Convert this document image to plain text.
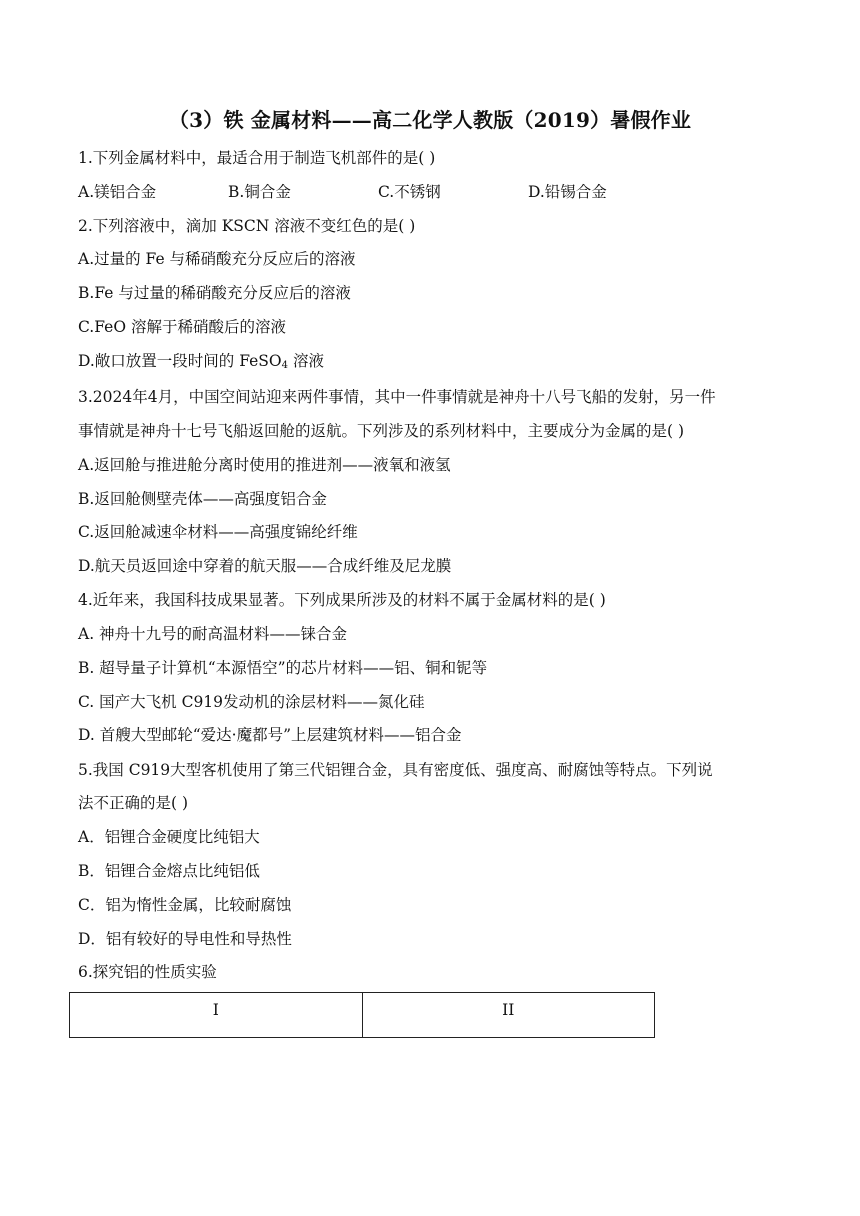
（3）铁 金属材料——高二化学人教版（2019）暑假作业
1.下列金属材料中，最适合用于制造飞机部件的是( )
A.镁铝合金	B.铜合金	C.不锈钢	D.铅锡合金
2.下列溶液中，滴加 KSCN 溶液不变红色的是( )
A.过量的 Fe 与稀硝酸充分反应后的溶液
B.Fe 与过量的稀硝酸充分反应后的溶液
C.FeO 溶解于稀硝酸后的溶液
D.敞口放置一段时间的 FeSO$_4$ 溶液
3.2024年4月，中国空间站迎来两件事情，其中一件事情就是神舟十八号飞船的发射，另一件
事情就是神舟十七号飞船返回舱的返航。下列涉及的系列材料中，主要成分为金属的是( )
A.返回舱与推进舱分离时使用的推进剂——液氧和液氢
B.返回舱侧壁壳体——高强度铝合金
C.返回舱减速伞材料——高强度锦纶纤维
D.航天员返回途中穿着的航天服——合成纤维及尼龙膜
4.近年来，我国科技成果显著。下列成果所涉及的材料不属于金属材料的是( )
A. 神舟十九号的耐高温材料——铼合金
B. 超导量子计算机“本源悟空”的芯片材料——铝、铜和铌等
C. 国产大飞机 C919发动机的涂层材料——氮化硅
D. 首艘大型邮轮“爱达·魔都号”上层建筑材料——铝合金
5.我国 C919大型客机使用了第三代铝锂合金，具有密度低、强度高、耐腐蚀等特点。下列说
法不正确的是( )
A．铝锂合金硬度比纯铝大
B．铝锂合金熔点比纯铝低
C．铝为惰性金属，比较耐腐蚀
D．铝有较好的导电性和导热性
6.探究铝的性质实验
I	II
